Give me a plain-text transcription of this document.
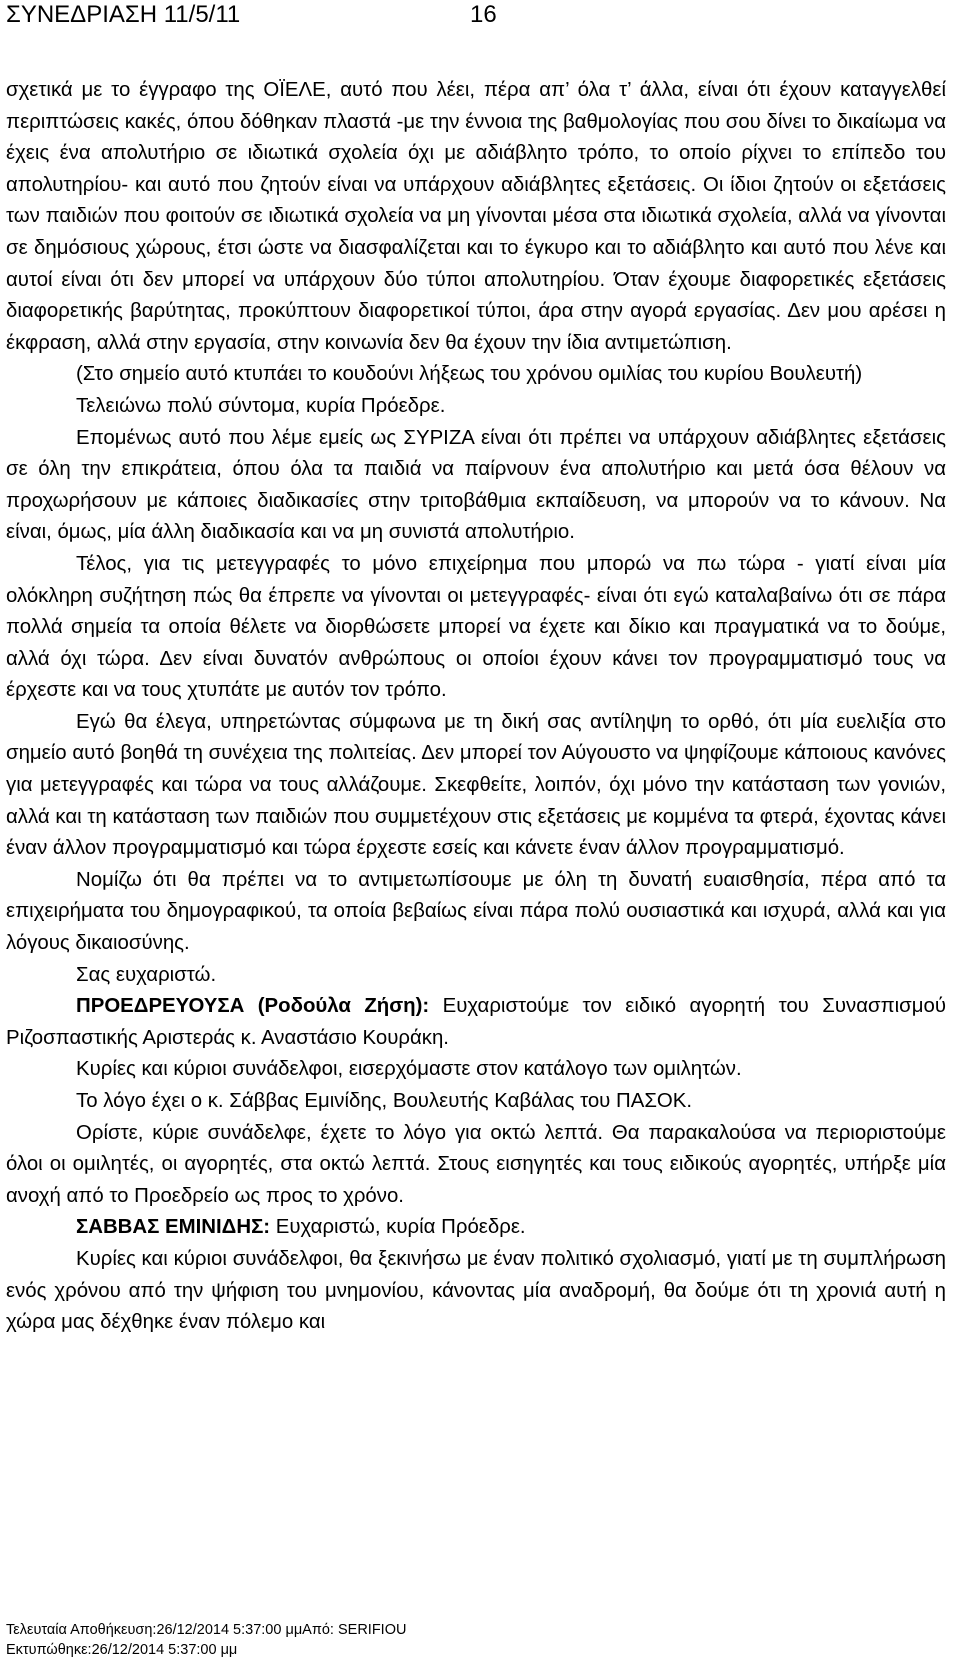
ΣΥΝΕΔΡΙΑΣΗ 11/5/11	16

σχετικά με το έγγραφο της ΟΪΕΛΕ, αυτό που λέει, πέρα απ’ όλα τ’ άλλα, είναι ότι έχουν καταγγελθεί περιπτώσεις κακές, όπου δόθηκαν πλαστά -με την έννοια της βαθμολογίας που σου δίνει το δικαίωμα να έχεις ένα απολυτήριο σε ιδιωτικά σχολεία όχι με αδιάβλητο τρόπο, το οποίο ρίχνει το επίπεδο του απολυτηρίου- και αυτό που ζητούν είναι να υπάρχουν αδιάβλητες εξετάσεις. Οι ίδιοι ζητούν οι εξετάσεις των παιδιών που φοιτούν σε ιδιωτικά σχολεία να μη γίνονται μέσα στα ιδιωτικά σχολεία, αλλά να γίνονται σε δημόσιους χώρους, έτσι ώστε να διασφαλίζεται και το έγκυρο και το αδιάβλητο και αυτό που λένε και αυτοί είναι ότι δεν μπορεί να υπάρχουν δύο τύποι απολυτηρίου. Όταν έχουμε διαφορετικές εξετάσεις διαφορετικής βαρύτητας, προκύπτουν διαφορετικοί τύποι, άρα στην αγορά εργασίας. Δεν μου αρέσει η έκφραση, αλλά στην εργασία, στην κοινωνία δεν θα έχουν την ίδια αντιμετώπιση.

(Στο σημείο αυτό κτυπάει το κουδούνι λήξεως του χρόνου ομιλίας του κυρίου Βουλευτή)

Τελειώνω πολύ σύντομα, κυρία Πρόεδρε.

Επομένως αυτό που λέμε εμείς ως ΣΥΡΙΖΑ είναι ότι πρέπει να υπάρχουν αδιάβλητες εξετάσεις σε όλη την επικράτεια, όπου όλα τα παιδιά να παίρνουν ένα απολυτήριο και μετά όσα θέλουν να προχωρήσουν με κάποιες διαδικασίες στην τριτοβάθμια εκπαίδευση, να μπορούν να το κάνουν. Να είναι, όμως, μία άλλη διαδικασία και να μη συνιστά απολυτήριο.

Τέλος, για τις μετεγγραφές το μόνο επιχείρημα που μπορώ να πω τώρα - γιατί είναι μία ολόκληρη συζήτηση πώς θα έπρεπε να γίνονται οι μετεγγραφές- είναι ότι εγώ καταλαβαίνω ότι σε πάρα πολλά σημεία τα οποία θέλετε να διορθώσετε μπορεί να έχετε και δίκιο και πραγματικά να το δούμε, αλλά όχι τώρα. Δεν είναι δυνατόν ανθρώπους οι οποίοι έχουν κάνει τον προγραμματισμό τους να έρχεστε και να τους χτυπάτε με αυτόν τον τρόπο.

Εγώ θα έλεγα, υπηρετώντας σύμφωνα με τη δική σας αντίληψη το ορθό, ότι μία ευελιξία στο σημείο αυτό βοηθά τη συνέχεια της πολιτείας. Δεν μπορεί τον Αύγουστο να ψηφίζουμε κάποιους κανόνες για μετεγγραφές και τώρα να τους αλλάζουμε. Σκεφθείτε, λοιπόν, όχι μόνο την κατάσταση των γονιών, αλλά και τη κατάσταση των παιδιών που συμμετέχουν στις εξετάσεις με κομμένα τα φτερά, έχοντας κάνει έναν άλλον προγραμματισμό και τώρα έρχεστε εσείς και κάνετε έναν άλλον προγραμματισμό.

Νομίζω ότι θα πρέπει να το αντιμετωπίσουμε με όλη τη δυνατή ευαισθησία, πέρα από τα επιχειρήματα του δημογραφικού, τα οποία βεβαίως είναι πάρα πολύ ουσιαστικά και ισχυρά, αλλά και για λόγους δικαιοσύνης.

Σας ευχαριστώ.

ΠΡΟΕΔΡΕΥΟΥΣΑ (Ροδούλα Ζήση): Ευχαριστούμε τον ειδικό αγορητή του Συνασπισμού Ριζοσπαστικής Αριστεράς κ. Αναστάσιο Κουράκη.

Κυρίες και κύριοι συνάδελφοι, εισερχόμαστε στον κατάλογο των ομιλητών.

Το λόγο έχει ο κ. Σάββας Εμινίδης, Βουλευτής Καβάλας του ΠΑΣΟΚ.

Ορίστε, κύριε συνάδελφε, έχετε το λόγο για οκτώ λεπτά. Θα παρακαλούσα να περιοριστούμε όλοι οι ομιλητές, οι αγορητές, στα οκτώ λεπτά. Στους εισηγητές και τους ειδικούς αγορητές, υπήρξε μία ανοχή από το Προεδρείο ως προς το χρόνο.

ΣΑΒΒΑΣ ΕΜΙΝΙΔΗΣ: Ευχαριστώ, κυρία Πρόεδρε.

Κυρίες και κύριοι συνάδελφοι, θα ξεκινήσω με έναν πολιτικό σχολιασμό, γιατί με τη συμπλήρωση ενός χρόνου από την ψήφιση του μνημονίου, κάνοντας μία αναδρομή, θα δούμε ότι τη χρονιά αυτή η χώρα μας δέχθηκε έναν πόλεμο και

Τελευταία Αποθήκευση:26/12/2014 5:37:00 μμΑπό: SERIFIOU
Εκτυπώθηκε:26/12/2014 5:37:00 μμ
